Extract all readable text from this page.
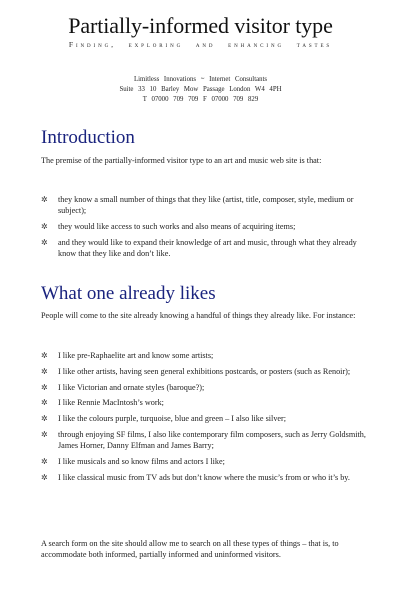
Partially-informed visitor type
Finding, exploring and enhancing tastes
Limitless Innovations ~ Internet Consultants
Suite 33 10 Barley Mow Passage London W4 4PH
T 07000 709 709 F 07000 709 829
Introduction

The premise of the partially-informed visitor type to an art and music web site is that:

✲ they know a small number of things that they like (artist, title, composer, style, medium or subject);
✲ they would like access to such works and also means of acquiring items;
✲ and they would like to expand their knowledge of art and music, through what they already know that they like and don’t like.
What one already likes

People will come to the site already knowing a handful of things they already like. For instance:

✲ I like pre-Raphaelite art and know some artists;
✲ I like other artists, having seen general exhibitions postcards, or posters (such as Renoir);
✲ I like Victorian and ornate styles (baroque?);
✲ I like Rennie MacIntosh’s work;
✲ I like the colours purple, turquoise, blue and green – I also like silver;
✲ through enjoying SF films, I also like contemporary film composers, such as Jerry Goldsmith, James Horner, Danny Elfman and James Barry;
✲ I like musicals and so know films and actors I like;
✲ I like classical music from TV ads but don’t know where the music’s from or who it’s by.

A search form on the site should allow me to search on all these types of things – that is, to accommodate both informed, partially informed and uninformed visitors.
